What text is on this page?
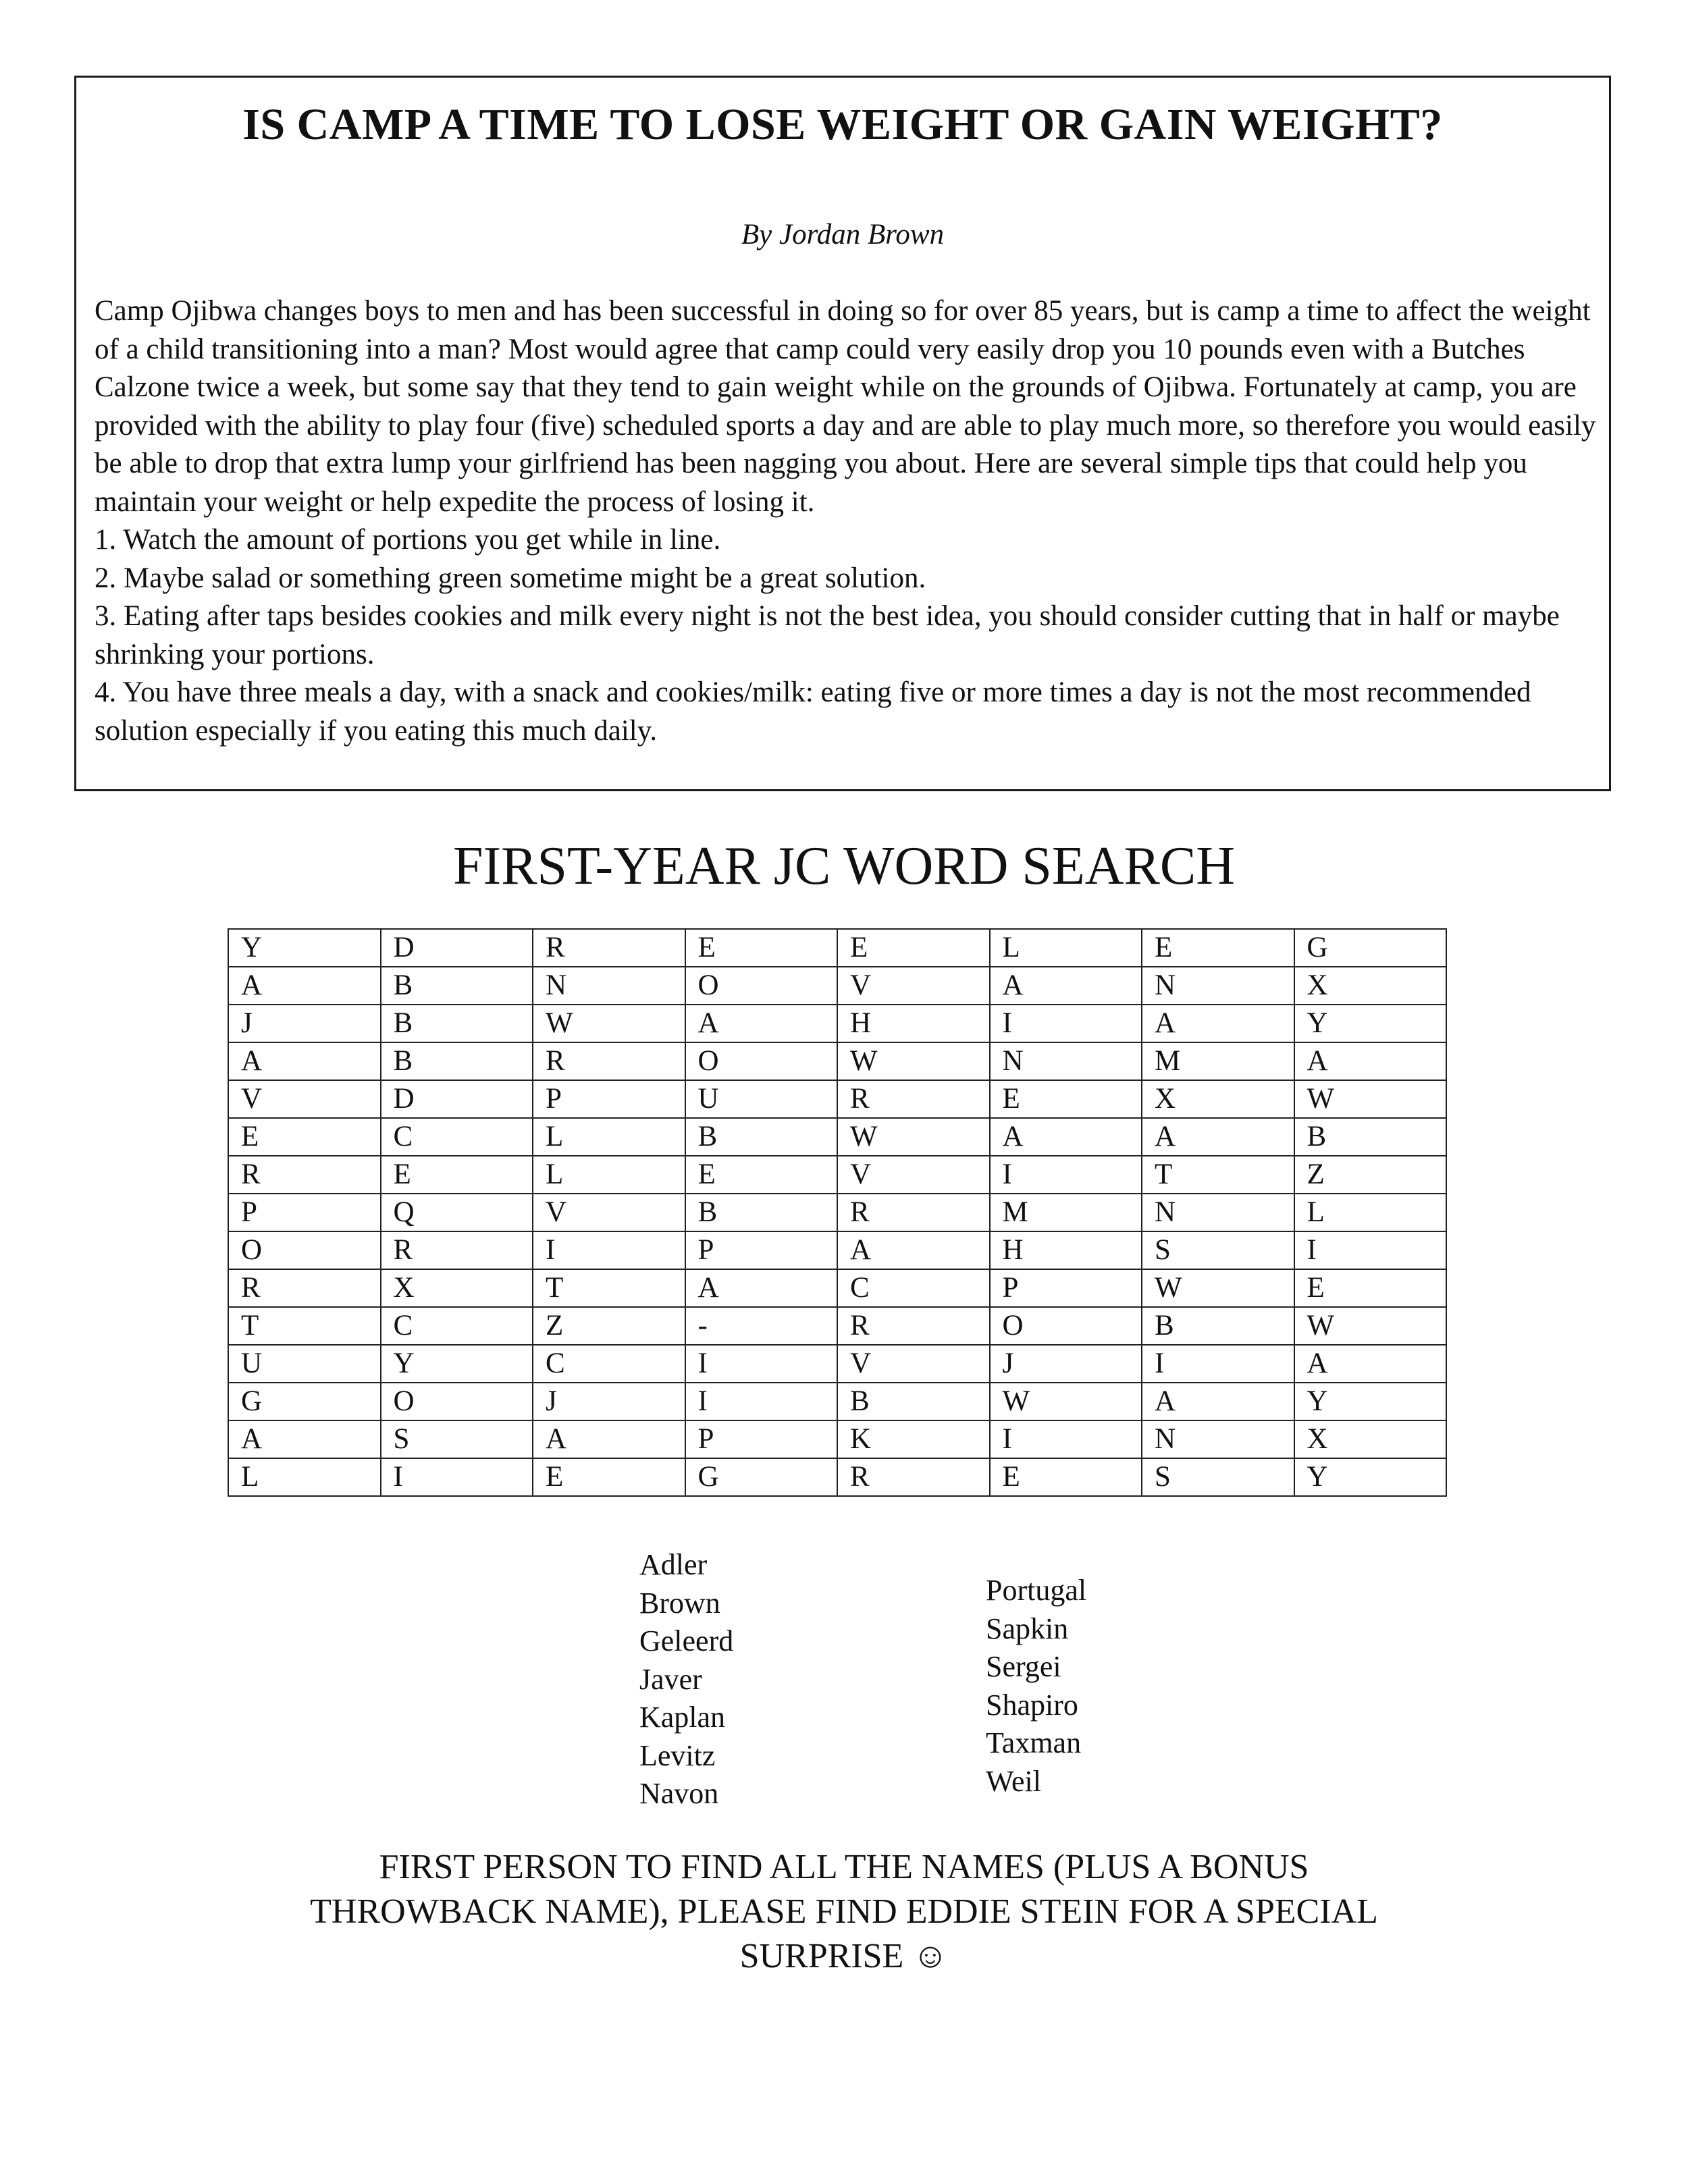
IS CAMP A TIME TO LOSE WEIGHT OR GAIN WEIGHT?
By Jordan Brown

Camp Ojibwa changes boys to men and has been successful in doing so for over 85 years, but is camp a time to affect the weight of a child transitioning into a man? Most would agree that camp could very easily drop you 10 pounds even with a Butches Calzone twice a week, but some say that they tend to gain weight while on the grounds of Ojibwa. Fortunately at camp, you are provided with the ability to play four (five) scheduled sports a day and are able to play much more, so therefore you would easily be able to drop that extra lump your girlfriend has been nagging you about. Here are several simple tips that could help you maintain your weight or help expedite the process of losing it.

1. Watch the amount of portions you get while in line.

2. Maybe salad or something green sometime might be a great solution.

3. Eating after taps besides cookies and milk every night is not the best idea, you should consider cutting that in half or maybe shrinking your portions.

4. You have three meals a day, with a snack and cookies/milk: eating five or more times a day is not the most recommended solution especially if you eating this much daily.

FIRST-YEAR JC WORD SEARCH
Y	D	R	E	E	L	E	G
A	B	N	O	V	A	N	X
J	B	W	A	H	I	A	Y
A	B	R	O	W	N	M	A
V	D	P	U	R	E	X	W
E	C	L	B	W	A	A	B
R	E	L	E	V	I	T	Z
P	Q	V	B	R	M	N	L
O	R	I	P	A	H	S	I
R	X	T	A	C	P	W	E
T	C	Z	-	R	O	B	W
U	Y	C	I	V	J	I	A
G	O	J	I	B	W	A	Y
A	S	A	P	K	I	N	X
L	I	E	G	R	E	S	Y
Adler
Brown
Geleerd
Javer
Kaplan
Levitz
Navon
Portugal
Sapkin
Sergei
Shapiro
Taxman
Weil
FIRST PERSON TO FIND ALL THE NAMES (PLUS A BONUS
THROWBACK NAME), PLEASE FIND EDDIE STEIN FOR A SPECIAL
SURPRISE ☺
